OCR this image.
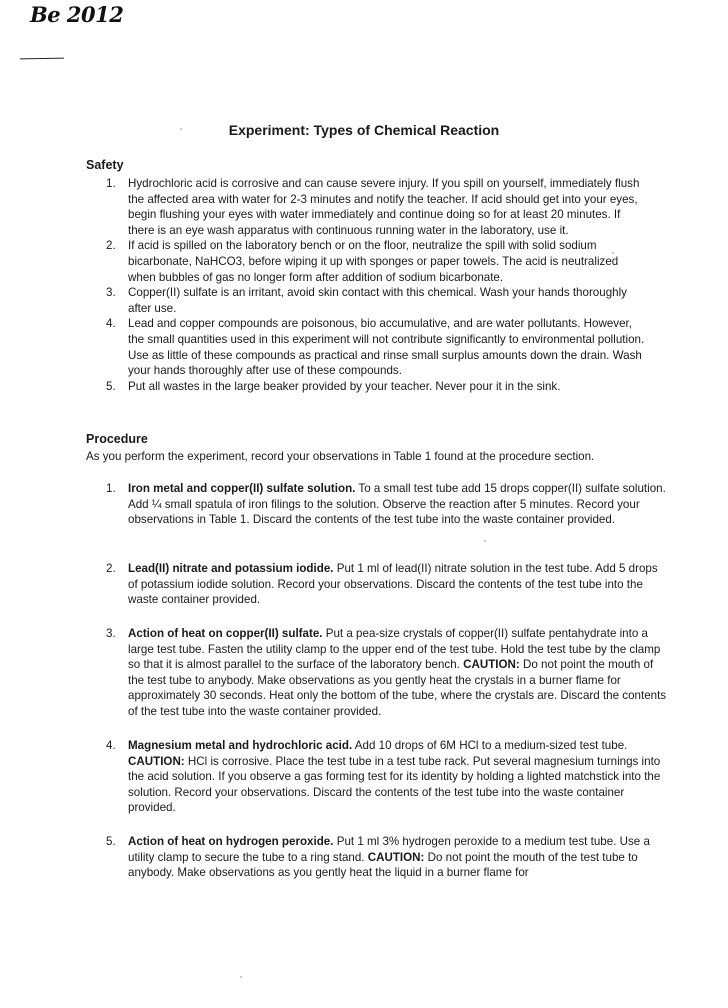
Be 2012
Experiment: Types of Chemical Reaction
Safety
1. Hydrochloric acid is corrosive and can cause severe injury. If you spill on yourself, immediately flush the affected area with water for 2-3 minutes and notify the teacher. If acid should get into your eyes, begin flushing your eyes with water immediately and continue doing so for at least 20 minutes. If there is an eye wash apparatus with continuous running water in the laboratory, use it.
2. If acid is spilled on the laboratory bench or on the floor, neutralize the spill with solid sodium bicarbonate, NaHCO3, before wiping it up with sponges or paper towels. The acid is neutralized when bubbles of gas no longer form after addition of sodium bicarbonate.
3. Copper(II) sulfate is an irritant, avoid skin contact with this chemical. Wash your hands thoroughly after use.
4. Lead and copper compounds are poisonous, bio accumulative, and are water pollutants. However, the small quantities used in this experiment will not contribute significantly to environmental pollution. Use as little of these compounds as practical and rinse small surplus amounts down the drain. Wash your hands thoroughly after use of these compounds.
5. Put all wastes in the large beaker provided by your teacher. Never pour it in the sink.
Procedure
As you perform the experiment, record your observations in Table 1 found at the procedure section.
1. Iron metal and copper(II) sulfate solution. To a small test tube add 15 drops copper(II) sulfate solution. Add ¼ small spatula of iron filings to the solution. Observe the reaction after 5 minutes. Record your observations in Table 1. Discard the contents of the test tube into the waste container provided.
2. Lead(II) nitrate and potassium iodide. Put 1 ml of lead(II) nitrate solution in the test tube. Add 5 drops of potassium iodide solution. Record your observations. Discard the contents of the test tube into the waste container provided.
3. Action of heat on copper(II) sulfate. Put a pea-size crystals of copper(II) sulfate pentahydrate into a large test tube. Fasten the utility clamp to the upper end of the test tube. Hold the test tube by the clamp so that it is almost parallel to the surface of the laboratory bench. CAUTION: Do not point the mouth of the test tube to anybody. Make observations as you gently heat the crystals in a burner flame for approximately 30 seconds. Heat only the bottom of the tube, where the crystals are. Discard the contents of the test tube into the waste container provided.
4. Magnesium metal and hydrochloric acid. Add 10 drops of 6M HCl to a medium-sized test tube. CAUTION: HCl is corrosive. Place the test tube in a test tube rack. Put several magnesium turnings into the acid solution. If you observe a gas forming test for its identity by holding a lighted matchstick into the solution. Record your observations. Discard the contents of the test tube into the waste container provided.
5. Action of heat on hydrogen peroxide. Put 1 ml 3% hydrogen peroxide to a medium test tube. Use a utility clamp to secure the tube to a ring stand. CAUTION: Do not point the mouth of the test tube to anybody. Make observations as you gently heat the liquid in a burner flame for
